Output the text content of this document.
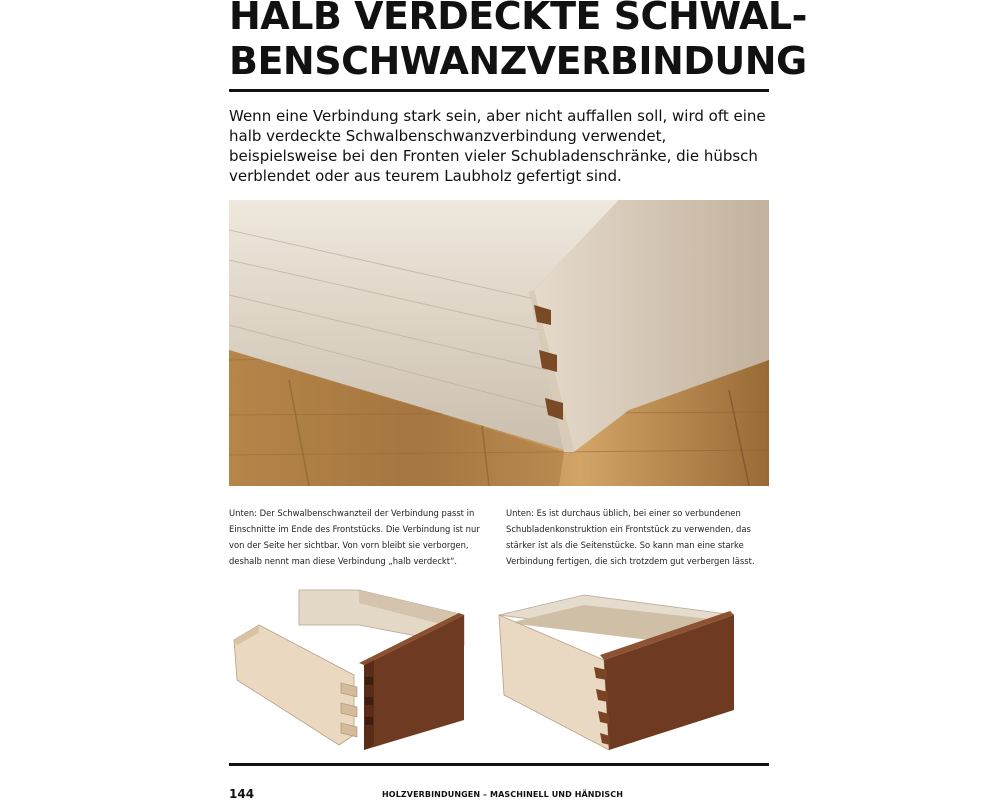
HALB VERDECKTE SCHWAL-
BENSCHWANZVERBINDUNG

Wenn eine Verbindung stark sein, aber nicht auffallen soll, wird oft eine halb verdeckte Schwalbenschwanzverbindung verwendet, beispielsweise bei den Fronten vieler Schubladenschränke, die hübsch verblendet oder aus teurem Laubholz gefertigt sind.

Unten: Der Schwalbenschwanzteil der Verbindung passt in Einschnitte im Ende des Frontstücks. Die Verbindung ist nur von der Seite her sichtbar. Von vorn bleibt sie verborgen, deshalb nennt man diese Verbindung „halb verdeckt“.

Unten: Es ist durchaus üblich, bei einer so verbundenen Schubladenkonstruktion ein Frontstück zu verwenden, das stärker ist als die Seitenstücke. So kann man eine starke Verbindung fertigen, die sich trotzdem gut verbergen lässt.

144	HOLZVERBINDUNGEN – MASCHINELL UND HÄNDISCH
